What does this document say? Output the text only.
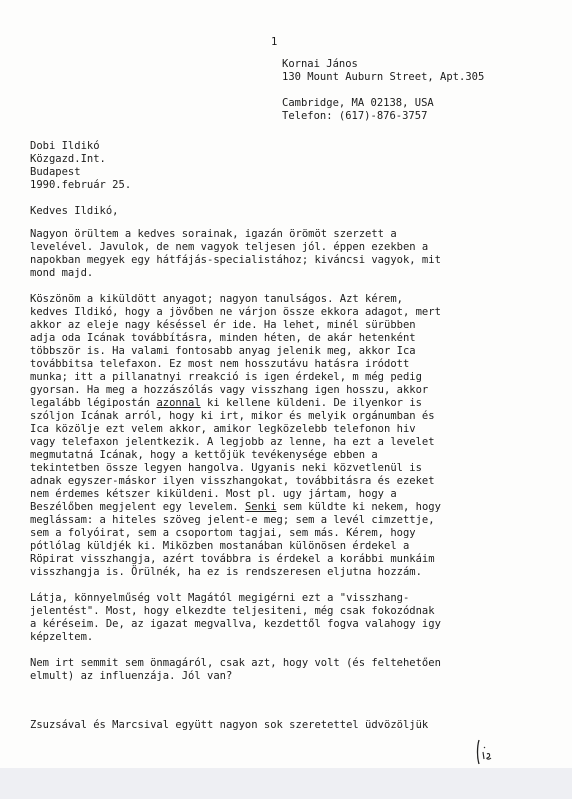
1
Kornai János
130 Mount Auburn Street, Apt.305
Cambridge, MA 02138, USA
Telefon: (617)-876-3757
Dobi Ildikó
Közgazd.Int.
Budapest
1990.február 25.
Kedves Ildikó,

Nagyon örültem a kedves sorainak, igazán örömöt szerzett a
levelével. Javulok, de nem vagyok teljesen jól. éppen ezekben a
napokban megyek egy hátfájás-specialistához; kiváncsi vagyok, mit
mond majd.

Köszönöm a kiküldött anyagot; nagyon tanulságos. Azt kérem,
kedves Ildikó, hogy a jövőben ne várjon össze ekkora adagot, mert
akkor az eleje nagy késéssel ér ide. Ha lehet, minél sürübben
adja oda Icának továbbításra, minden héten, de akár hetenként
többször is. Ha valami fontosabb anyag jelenik meg, akkor Ica
továbbitsa telefaxon. Ez most nem hosszutávu hatásra iródott
munka; itt a pillanatnyi rreakció is igen érdekel, m még pedig
gyorsan. Ha meg a hozzászólás vagy visszhang igen hosszu, akkor
legalább légipostán azonnal ki kellene küldeni. De ilyenkor is
szóljon Icának arról, hogy ki irt, mikor és melyik orgánumban és
Ica közölje ezt velem akkor, amikor legközelebb telefonon hiv
vagy telefaxon jelentkezik. A legjobb az lenne, ha ezt a levelet
megmutatná Icának, hogy a kettőjük tevékenysége ebben a
tekintetben össze legyen hangolva. Ugyanis neki közvetlenül is
adnak egyszer-máskor ilyen visszhangokat, továbbitásra és ezeket
nem érdemes kétszer kiküldeni. Most pl. ugy jártam, hogy a
Beszélőben megjelent egy levelem. Senki sem küldte ki nekem, hogy
meglássam: a hiteles szöveg jelent-e meg; sem a levél cimzettje,
sem a folyóirat, sem a csoportom tagjai, sem más. Kérem, hogy
pótlólag küldjék ki. Miközben mostanában különösen érdekel a
Röpirat visszhangja, azért továbbra is érdekel a korábbi munkáim
visszhangja is. Örülnék, ha ez is rendszeresen eljutna hozzám.

Látja, könnyelműség volt Magától megigérni ezt a "visszhang-
jelentést". Most, hogy elkezdte teljesiteni, még csak fokozódnak
a kéréseim. De, az igazat megvallva, kezdettől fogva valahogy igy
képzeltem.

Nem irt semmit sem önmagáról, csak azt, hogy volt (és feltehetően
elmult) az influenzája. Jól van?

Zsuzsával és Marcsival együtt nagyon sok szeretettel üdvözöljük
